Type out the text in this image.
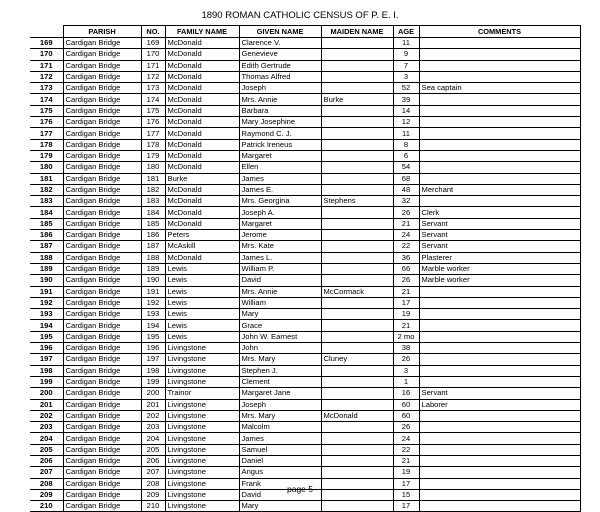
1890 ROMAN CATHOLIC CENSUS OF P. E. I.
	PARISH	NO.	FAMILY NAME	GIVEN NAME	MAIDEN NAME	AGE	COMMENTS
169	Cardigan Bridge	169	McDonald	Clarence V.		11	
170	Cardigan Bridge	170	McDonald	Genevieve		9	
171	Cardigan Bridge	171	McDonald	Edith Gertrude		7	
172	Cardigan Bridge	172	McDonald	Thomas Alfred		3	
173	Cardigan Bridge	173	McDonald	Joseph		52	Sea captain
174	Cardigan Bridge	174	McDonald	Mrs. Annie	Burke	39	
175	Cardigan Bridge	175	McDonald	Barbara		14	
176	Cardigan Bridge	176	McDonald	Mary Josephine		12	
177	Cardigan Bridge	177	McDonald	Raymond C. J.		11	
178	Cardigan Bridge	178	McDonald	Patrick Ireneus		8	
179	Cardigan Bridge	179	McDonald	Margaret		6	
180	Cardigan Bridge	180	McDonald	Ellen		54	
181	Cardigan Bridge	181	Burke	James		68	
182	Cardigan Bridge	182	McDonald	James E.		48	Merchant
183	Cardigan Bridge	183	McDonald	Mrs. Georgina	Stephens	32	
184	Cardigan Bridge	184	McDonald	Joseph A.		26	Clerk
185	Cardigan Bridge	185	McDonald	Margaret		21	Servant
186	Cardigan Bridge	186	Peters	Jerome		24	Servant
187	Cardigan Bridge	187	McAskill	Mrs. Kate		22	Servant
188	Cardigan Bridge	188	McDonald	James L.		36	Plasterer
189	Cardigan Bridge	189	Lewis	William P.		66	Marble worker
190	Cardigan Bridge	190	Lewis	David		26	Marble worker
191	Cardigan Bridge	191	Lewis	Mrs. Annie	McCormack	21	
192	Cardigan Bridge	192	Lewis	William		17	
193	Cardigan Bridge	193	Lewis	Mary		19	
194	Cardigan Bridge	194	Lewis	Grace		21	
195	Cardigan Bridge	195	Lewis	John W. Earnest		2 mo	
196	Cardigan Bridge	196	Livingstone	John		38	
197	Cardigan Bridge	197	Livingstone	Mrs. Mary	Cluney	26	
198	Cardigan Bridge	198	Livingstone	Stephen J.		3	
199	Cardigan Bridge	199	Livingstone	Clement		1	
200	Cardigan Bridge	200	Trainor	Margaret Jane		16	Servant
201	Cardigan Bridge	201	Livingstone	Joseph		60	Laborer
202	Cardigan Bridge	202	Livingstone	Mrs. Mary	McDonald	60	
203	Cardigan Bridge	203	Livingstone	Malcolm		26	
204	Cardigan Bridge	204	Livingstone	James		24	
205	Cardigan Bridge	205	Livingstone	Samuel		22	
206	Cardigan Bridge	206	Livingstone	Daniel		21	
207	Cardigan Bridge	207	Livingstone	Angus		19	
208	Cardigan Bridge	208	Livingstone	Frank		17	
209	Cardigan Bridge	209	Livingstone	David		15	
210	Cardigan Bridge	210	Livingstone	Mary		17	
page 5
